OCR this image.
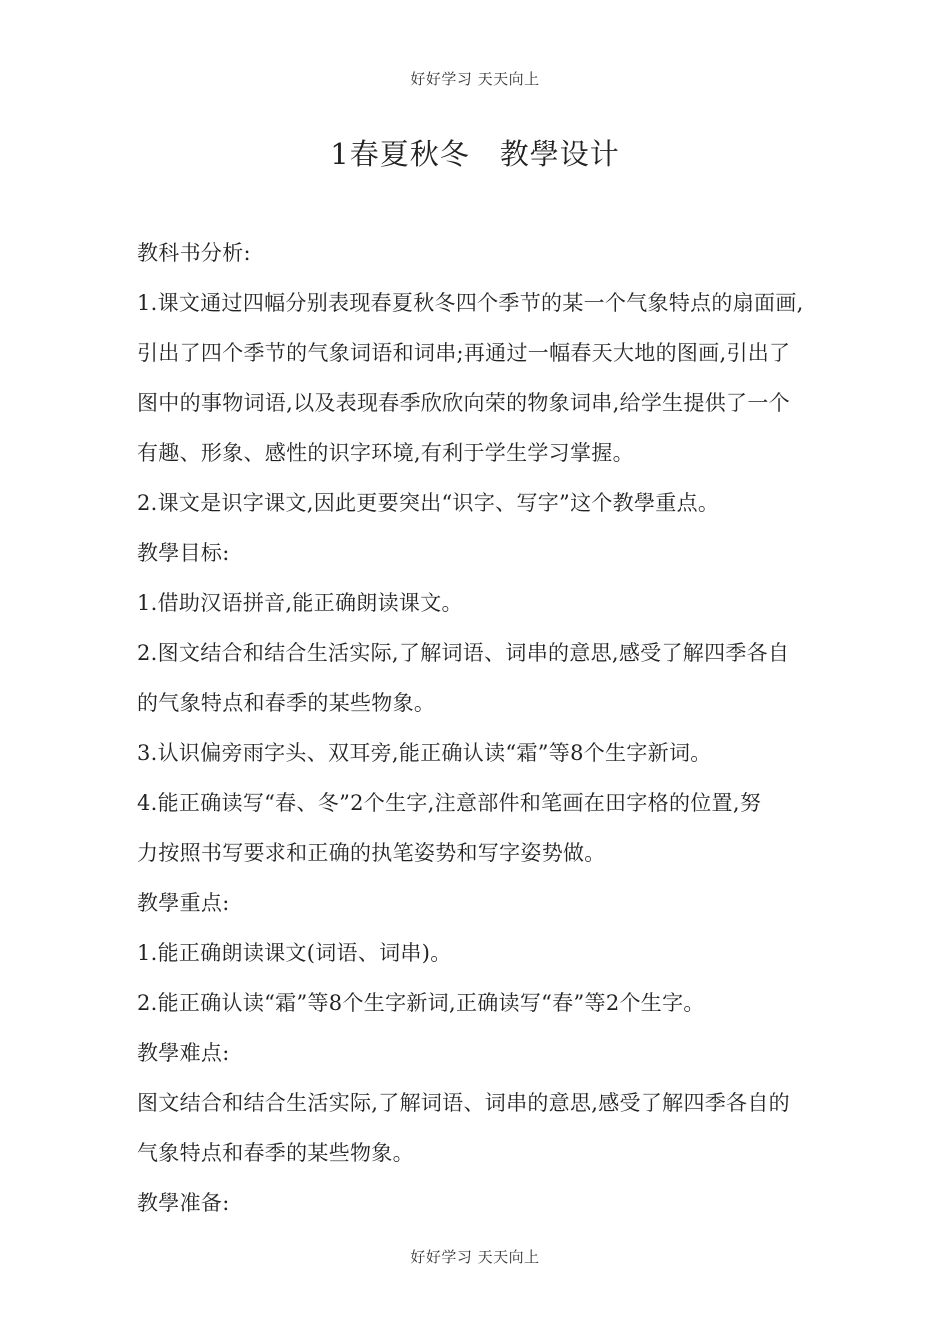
好好学习 天天向上
1春夏秋冬　教學设计

教科书分析:

1.课文通过四幅分别表现春夏秋冬四个季节的某一个气象特点的扇面画,

引出了四个季节的气象词语和词串;再通过一幅春天大地的图画,引出了

图中的事物词语,以及表现春季欣欣向荣的物象词串,给学生提供了一个

有趣、形象、感性的识字环境,有利于学生学习掌握。

2.课文是识字课文,因此更要突出“识字、写字”这个教學重点。

教學目标:

1.借助汉语拼音,能正确朗读课文。

2.图文结合和结合生活实际,了解词语、词串的意思,感受了解四季各自

的气象特点和春季的某些物象。

3.认识偏旁雨字头、双耳旁,能正确认读“霜”等8个生字新词。

4.能正确读写“春、冬”2个生字,注意部件和笔画在田字格的位置,努

力按照书写要求和正确的执笔姿势和写字姿势做。

教學重点:

1.能正确朗读课文(词语、词串)。

2.能正确认读“霜”等8个生字新词,正确读写“春”等2个生字。

教學难点:

图文结合和结合生活实际,了解词语、词串的意思,感受了解四季各自的

气象特点和春季的某些物象。

教學准备:

好好学习 天天向上
